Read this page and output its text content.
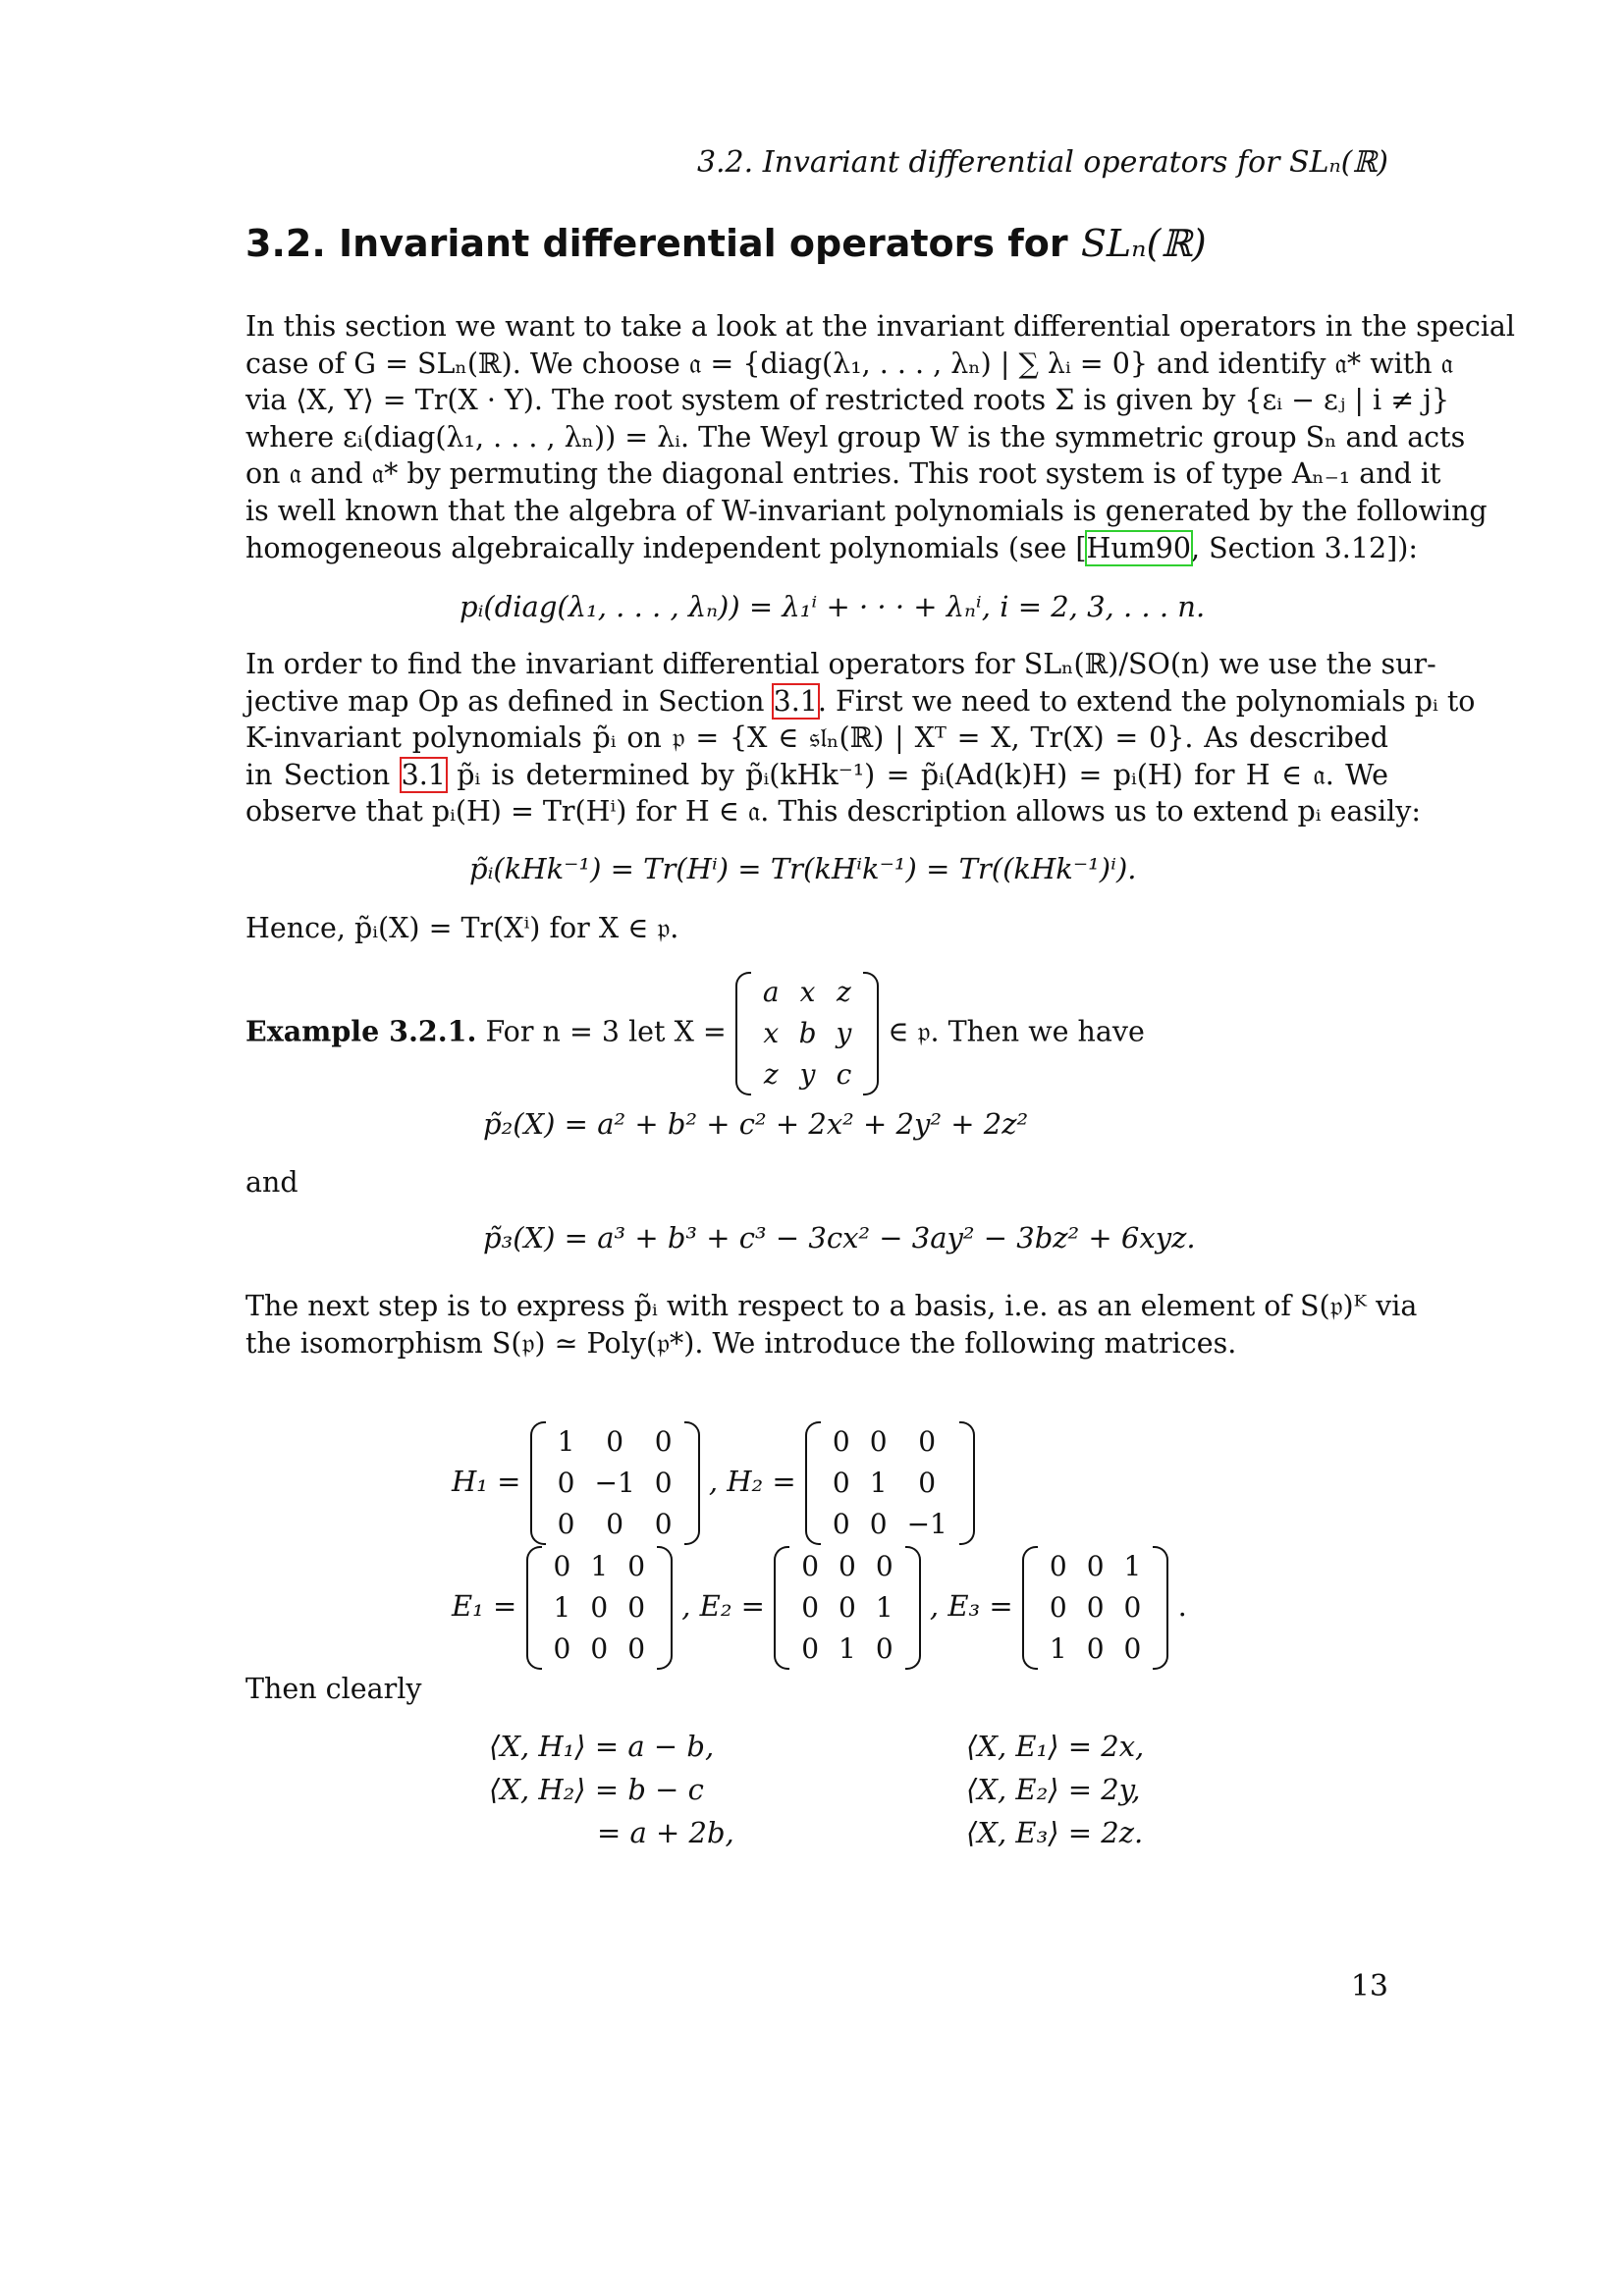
3.2. Invariant differential operators for SLₙ(ℝ)
3.2. Invariant differential operators for SLₙ(ℝ)
In this section we want to take a look at the invariant differential operators in the special
case of G = SLₙ(ℝ). We choose 𝔞 = {diag(λ₁, . . . , λₙ) | ∑ λᵢ = 0} and identify 𝔞* with 𝔞
via ⟨X, Y⟩ = Tr(X · Y). The root system of restricted roots Σ is given by {εᵢ − εⱼ | i ≠ j}
where εᵢ(diag(λ₁, . . . , λₙ)) = λᵢ. The Weyl group W is the symmetric group Sₙ and acts
on 𝔞 and 𝔞* by permuting the diagonal entries. This root system is of type Aₙ₋₁ and it
is well known that the algebra of W-invariant polynomials is generated by the following
homogeneous algebraically independent polynomials (see [Hum90, Section 3.12]):
pᵢ(diag(λ₁, . . . , λₙ)) = λ₁ⁱ + · · · + λₙⁱ, i = 2, 3, . . . n.
In order to find the invariant differential operators for SLₙ(ℝ)/SO(n) we use the sur-
jective map Op as defined in Section 3.1. First we need to extend the polynomials pᵢ to
K-invariant polynomials p̃ᵢ on 𝔭 = {X ∈ 𝔰𝔩ₙ(ℝ) | Xᵀ = X, Tr(X) = 0}. As described
in Section 3.1 p̃ᵢ is determined by p̃ᵢ(kHk⁻¹) = p̃ᵢ(Ad(k)H) = pᵢ(H) for H ∈ 𝔞. We
observe that pᵢ(H) = Tr(Hⁱ) for H ∈ 𝔞. This description allows us to extend pᵢ easily:
p̃ᵢ(kHk⁻¹) = Tr(Hⁱ) = Tr(kHⁱk⁻¹) = Tr((kHk⁻¹)ⁱ).
Hence, p̃ᵢ(X) = Tr(Xⁱ) for X ∈ 𝔭.
Example 3.2.1. For n = 3 let X =
a	x	z
x	b	y
z	y	c
∈ 𝔭. Then we have
p̃₂(X) = a² + b² + c² + 2x² + 2y² + 2z²
and
p̃₃(X) = a³ + b³ + c³ − 3cx² − 3ay² − 3bz² + 6xyz.
The next step is to express p̃ᵢ with respect to a basis, i.e. as an element of S(𝔭)ᴷ via
the isomorphism S(𝔭) ≃ Poly(𝔭*). We introduce the following matrices.
H₁ =
1	0	0
0	−1	0
0	0	0
, H₂ =
0	0	0
0	1	0
0	0	−1
E₁ =
0	1	0
1	0	0
0	0	0
, E₂ =
0	0	0
0	0	1
0	1	0
, E₃ =
0	0	1
0	0	0
1	0	0
.
Then clearly
⟨X, H₁⟩ = a − b,
⟨X, H₂⟩ = b − c
= a + 2b,
⟨X, E₁⟩ = 2x,
⟨X, E₂⟩ = 2y,
⟨X, E₃⟩ = 2z.
13
